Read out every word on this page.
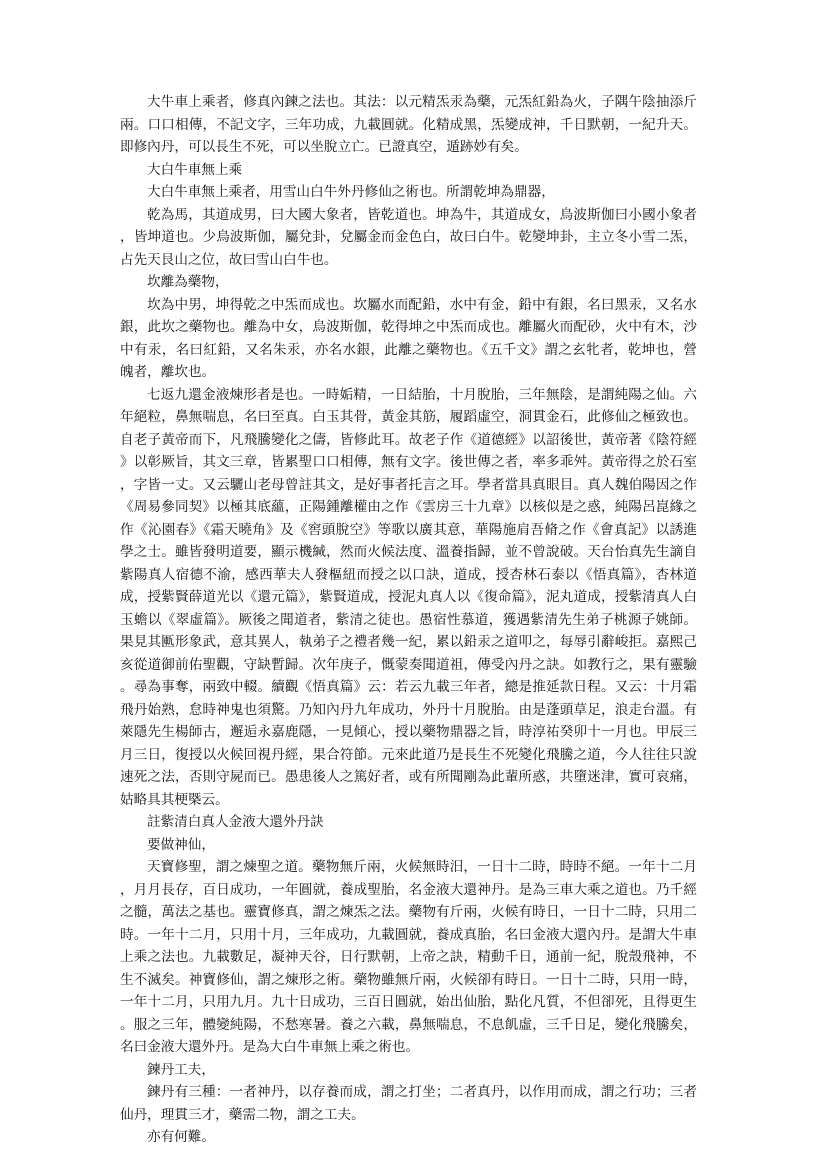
大牛車上乘者，修真內鍊之法也。其法：以元精炁汞為藥，元炁紅鉛為火，子隅午陰抽添斤兩。口口相傳，不記文字，三年功成，九載圓就。化精成黑，炁變成神，千日默朝，一紀升天。即修內丹，可以長生不死，可以坐脫立亡。已證真空，遁跡妙有矣。

大白牛車無上乘

大白牛車無上乘者，用雪山白牛外丹修仙之術也。所謂乾坤為鼎器，

乾為馬，其道成男，曰大國大象者，皆乾道也。坤為牛，其道成女，烏波斯伽曰小國小象者，皆坤道也。少烏波斯伽，屬兌卦，兌屬金而金色白，故曰白牛。乾變坤卦，主立冬小雪二炁，占先天艮山之位，故曰雪山白牛也。

坎離為藥物，

坎為中男，坤得乾之中炁而成也。坎屬水而配鉛，水中有金，鉛中有銀，名曰黑汞，又名水銀，此坎之藥物也。離為中女，烏波斯伽，乾得坤之中炁而成也。離屬火而配砂，火中有木，沙中有汞，名曰紅鉛，又名朱汞，亦名水銀，此離之藥物也。《五千文》謂之玄牝者，乾坤也，營魄者，離坎也。

七返九還金液煉形者是也。一時姤精，一日結胎，十月脫胎，三年無陰，是謂純陽之仙。六年絕粒，鼻無喘息，名曰至真。白玉其骨，黃金其筋，履蹈虛空，洞貫金石，此修仙之極致也。自老子黃帝而下，凡飛騰變化之儔，皆修此耳。故老子作《道德經》以詔後世，黃帝著《陰符經》以彰厥旨，其文三章，皆累聖口口相傳，無有文字。後世傳之者，率多乖舛。黃帝得之於石室，字皆一丈。又云驪山老母曾註其文，是好事者托言之耳。學者當具真眼目。真人魏伯陽因之作《周易參同契》以極其底蘊，正陽鍾離權由之作《雲房三十九章》以核似是之惑，純陽呂崑緣之作《沁園春》《霜天曉角》及《窖頭脫空》等歌以廣其意，華陽施肩吾脩之作《會真記》以誘進學之士。雖皆發明道要，顯示機緘，然而火候法度、溫養指歸，並不曾說破。天台怡真先生謫自紫陽真人宿德不渝，感西華夫人發樞紐而授之以口訣，道成，授杏林石泰以《悟真篇》，杏林道成，授紫賢薛道光以《還元篇》，紫賢道成，授泥丸真人以《復命篇》，泥丸道成，授紫清真人白玉蟾以《翠虛篇》。厥後之聞道者，紫清之徒也。愚宿性慕道，獲遇紫清先生弟子桃源子姚師。果見其匭形象武，意其異人，執弟子之禮者幾一紀，累以鉛汞之道叩之，每辱引辭峻拒。嘉熙己亥從道御前佑聖觀，守缺暫歸。次年庚子，慨蒙奏聞道祖，傳受內丹之訣。如教行之，果有靈驗。尋為事奪，兩致中輟。續觀《悟真篇》云：若云九載三年者，總是推延款日程。又云：十月霜飛丹始熟，怠時神鬼也須驚。乃知內丹九年成功，外丹十月脫胎。由是蓬頭草足，浪走台溫。有萊隱先生楊師古，邂逅永嘉鹿隱，一見傾心，授以藥物鼎器之旨，時淳祐癸卯十一月也。甲辰三月三日，復授以火候回視丹經，果合符節。元來此道乃是長生不死變化飛騰之道，今人往往只說速死之法，否則守屍而已。愚患後人之篤好者，或有所聞剛為此輩所惑，共墮迷津，實可哀痛，姑略具其梗槩云。

註紫清白真人金液大還外丹訣

要做神仙，

天寶修聖，謂之煉聖之道。藥物無斤兩，火候無時汨，一日十二時，時時不絕。一年十二月，月月長存，百日成功，一年圓就，養成聖胎，名金液大還神丹。是為三車大乘之道也。乃千經之髓，萬法之基也。靈寶修真，謂之煉炁之法。藥物有斤兩，火候有時日，一日十二時，只用二時。一年十二月，只用十月，三年成功，九載圓就，養成真胎，名曰金液大還內丹。是謂大牛車上乘之法也。九載數足，凝神天谷，日行默朝，上帝之訣，精動千日，通前一紀，脫殼飛神，不生不滅矣。神寶修仙，謂之煉形之術。藥物雖無斤兩，火候卻有時日。一日十二時，只用一時，一年十二月，只用九月。九十日成功，三百日圓就，始出仙胎，點化凡質，不但卻死，且得更生。服之三年，體變純陽，不愁寒暑。養之六載，鼻無喘息，不息飢虛，三千日足，變化飛騰矣，名曰金液大還外丹。是為大白牛車無上乘之術也。

鍊丹工夫，

鍊丹有三種：一者神丹，以存養而成，謂之打坐；二者真丹，以作用而成，謂之行功；三者仙丹，理貫三才，藥需二物，謂之工夫。

亦有何難。
